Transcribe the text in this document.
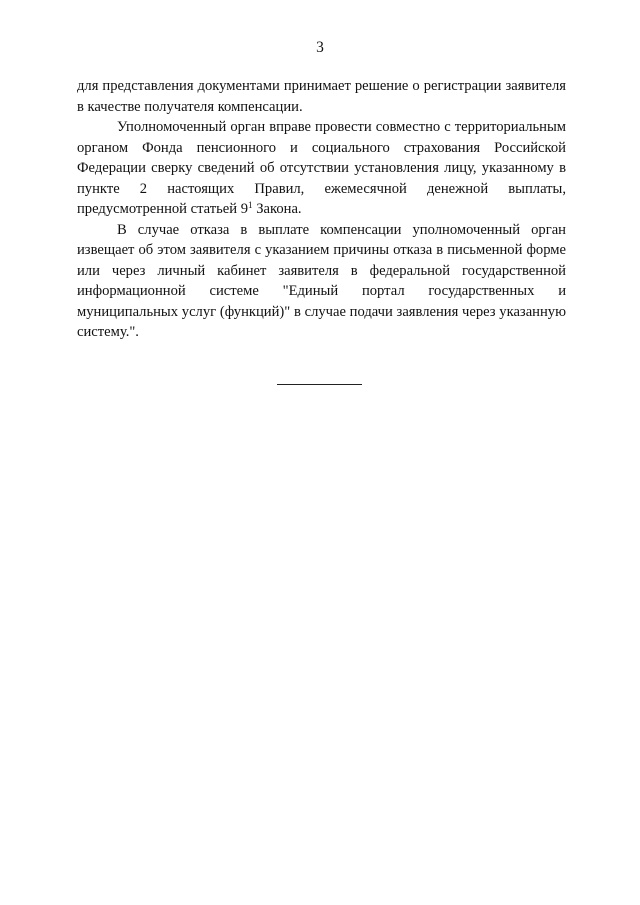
3

для представления документами принимает решение о регистрации заявителя в качестве получателя компенсации.

Уполномоченный орган вправе провести совместно с территориальным органом Фонда пенсионного и социального страхования Российской Федерации сверку сведений об отсутствии установления лицу, указанному в пункте 2 настоящих Правил, ежемесячной денежной выплаты, предусмотренной статьей $9^1$ Закона.

В случае отказа в выплате компенсации уполномоченный орган извещает об этом заявителя с указанием причины отказа в письменной форме или через личный кабинет заявителя в федеральной государственной информационной системе "Единый портал государственных и муниципальных услуг (функций)" в случае подачи заявления через указанную систему.".
